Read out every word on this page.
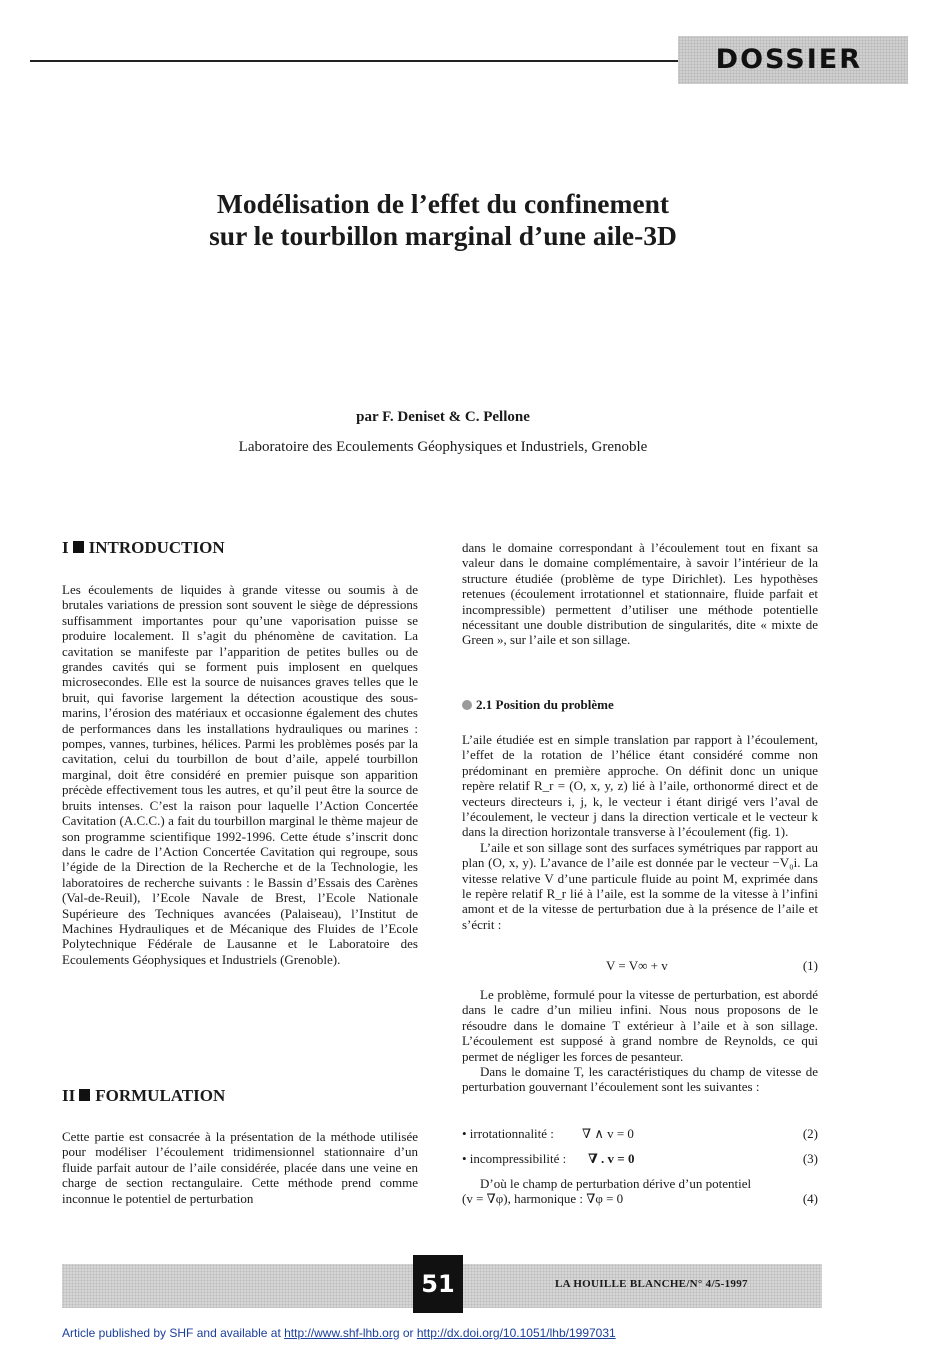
DOSSIER
Modélisation de l’effet du confinement
sur le tourbillon marginal d’une aile-3D
par F. Deniset & C. Pellone
Laboratoire des Ecoulements Géophysiques et Industriels, Grenoble
I INTRODUCTION

Les écoulements de liquides à grande vitesse ou soumis à de brutales variations de pression sont souvent le siège de dépressions suffisamment importantes pour qu’une vaporisation puisse se produire localement. Il s’agit du phénomène de cavitation. La cavitation se manifeste par l’apparition de petites bulles ou de grandes cavités qui se forment puis implosent en quelques microsecondes. Elle est la source de nuisances graves telles que le bruit, qui favorise largement la détection acoustique des sous-marins, l’érosion des matériaux et occasionne également des chutes de performances dans les installations hydrauliques ou marines : pompes, vannes, turbines, hélices. Parmi les problèmes posés par la cavitation, celui du tourbillon de bout d’aile, appelé tourbillon marginal, doit être considéré en premier puisque son apparition précède effectivement tous les autres, et qu’il peut être la source de bruits intenses. C’est la raison pour laquelle l’Action Concertée Cavitation (A.C.C.) a fait du tourbillon marginal le thème majeur de son programme scientifique 1992-1996. Cette étude s’inscrit donc dans le cadre de l’Action Concertée Cavitation qui regroupe, sous l’égide de la Direction de la Recherche et de la Technologie, les laboratoires de recherche suivants : le Bassin d’Essais des Carènes (Val-de-Reuil), l’Ecole Navale de Brest, l’Ecole Nationale Supérieure des Techniques avancées (Palaiseau), l’Institut de Machines Hydrauliques et de Mécanique des Fluides de l’Ecole Polytechnique Fédérale de Lausanne et le Laboratoire des Ecoulements Géophysiques et Industriels (Grenoble).

II FORMULATION

Cette partie est consacrée à la présentation de la méthode utilisée pour modéliser l’écoulement tridimensionnel stationnaire d’un fluide parfait autour de l’aile considérée, placée dans une veine en charge de section rectangulaire. Cette méthode prend comme inconnue le potentiel de perturbation

dans le domaine correspondant à l’écoulement tout en fixant sa valeur dans le domaine complémentaire, à savoir l’intérieur de la structure étudiée (problème de type Dirichlet). Les hypothèses retenues (écoulement irrotationnel et stationnaire, fluide parfait et incompressible) permettent d’utiliser une méthode potentielle nécessitant une double distribution de singularités, dite « mixte de Green », sur l’aile et son sillage.

2.1 Position du problème

L’aile étudiée est en simple translation par rapport à l’écoulement, l’effet de la rotation de l’hélice étant considéré comme non prédominant en première approche. On définit donc un unique repère relatif R_r = (O, x, y, z) lié à l’aile, orthonormé direct et de vecteurs directeurs i, j, k, le vecteur i étant dirigé vers l’aval de l’écoulement, le vecteur j dans la direction verticale et le vecteur k dans la direction horizontale transverse à l’écoulement (fig. 1).

L’aile et son sillage sont des surfaces symétriques par rapport au plan (O, x, y). L’avance de l’aile est donnée par le vecteur −V₀i. La vitesse relative V d’une particule fluide au point M, exprimée dans le repère relatif R_r lié à l’aile, est la somme de la vitesse à l’infini amont et de la vitesse de perturbation due à la présence de l’aile et s’écrit :

V = V∞ + v	(1)

Le problème, formulé pour la vitesse de perturbation, est abordé dans le cadre d’un milieu infini. Nous nous proposons de le résoudre dans le domaine T extérieur à l’aile et à son sillage. L’écoulement est supposé à grand nombre de Reynolds, ce qui permet de négliger les forces de pesanteur.

Dans le domaine T, les caractéristiques du champ de vitesse de perturbation gouvernant l’écoulement sont les suivantes :

• irrotationnalité : ∇ ∧ v = 0	(2)
• incompressibilité : ∇ . v = 0	(3)

D’où le champ de perturbation dérive d’un potentiel

(v = ∇φ), harmonique : ∇φ = 0	(4)
51	LA HOUILLE BLANCHE/N° 4/5-1997
Article published by SHF and available at http://www.shf-lhb.org or http://dx.doi.org/10.1051/lhb/1997031
